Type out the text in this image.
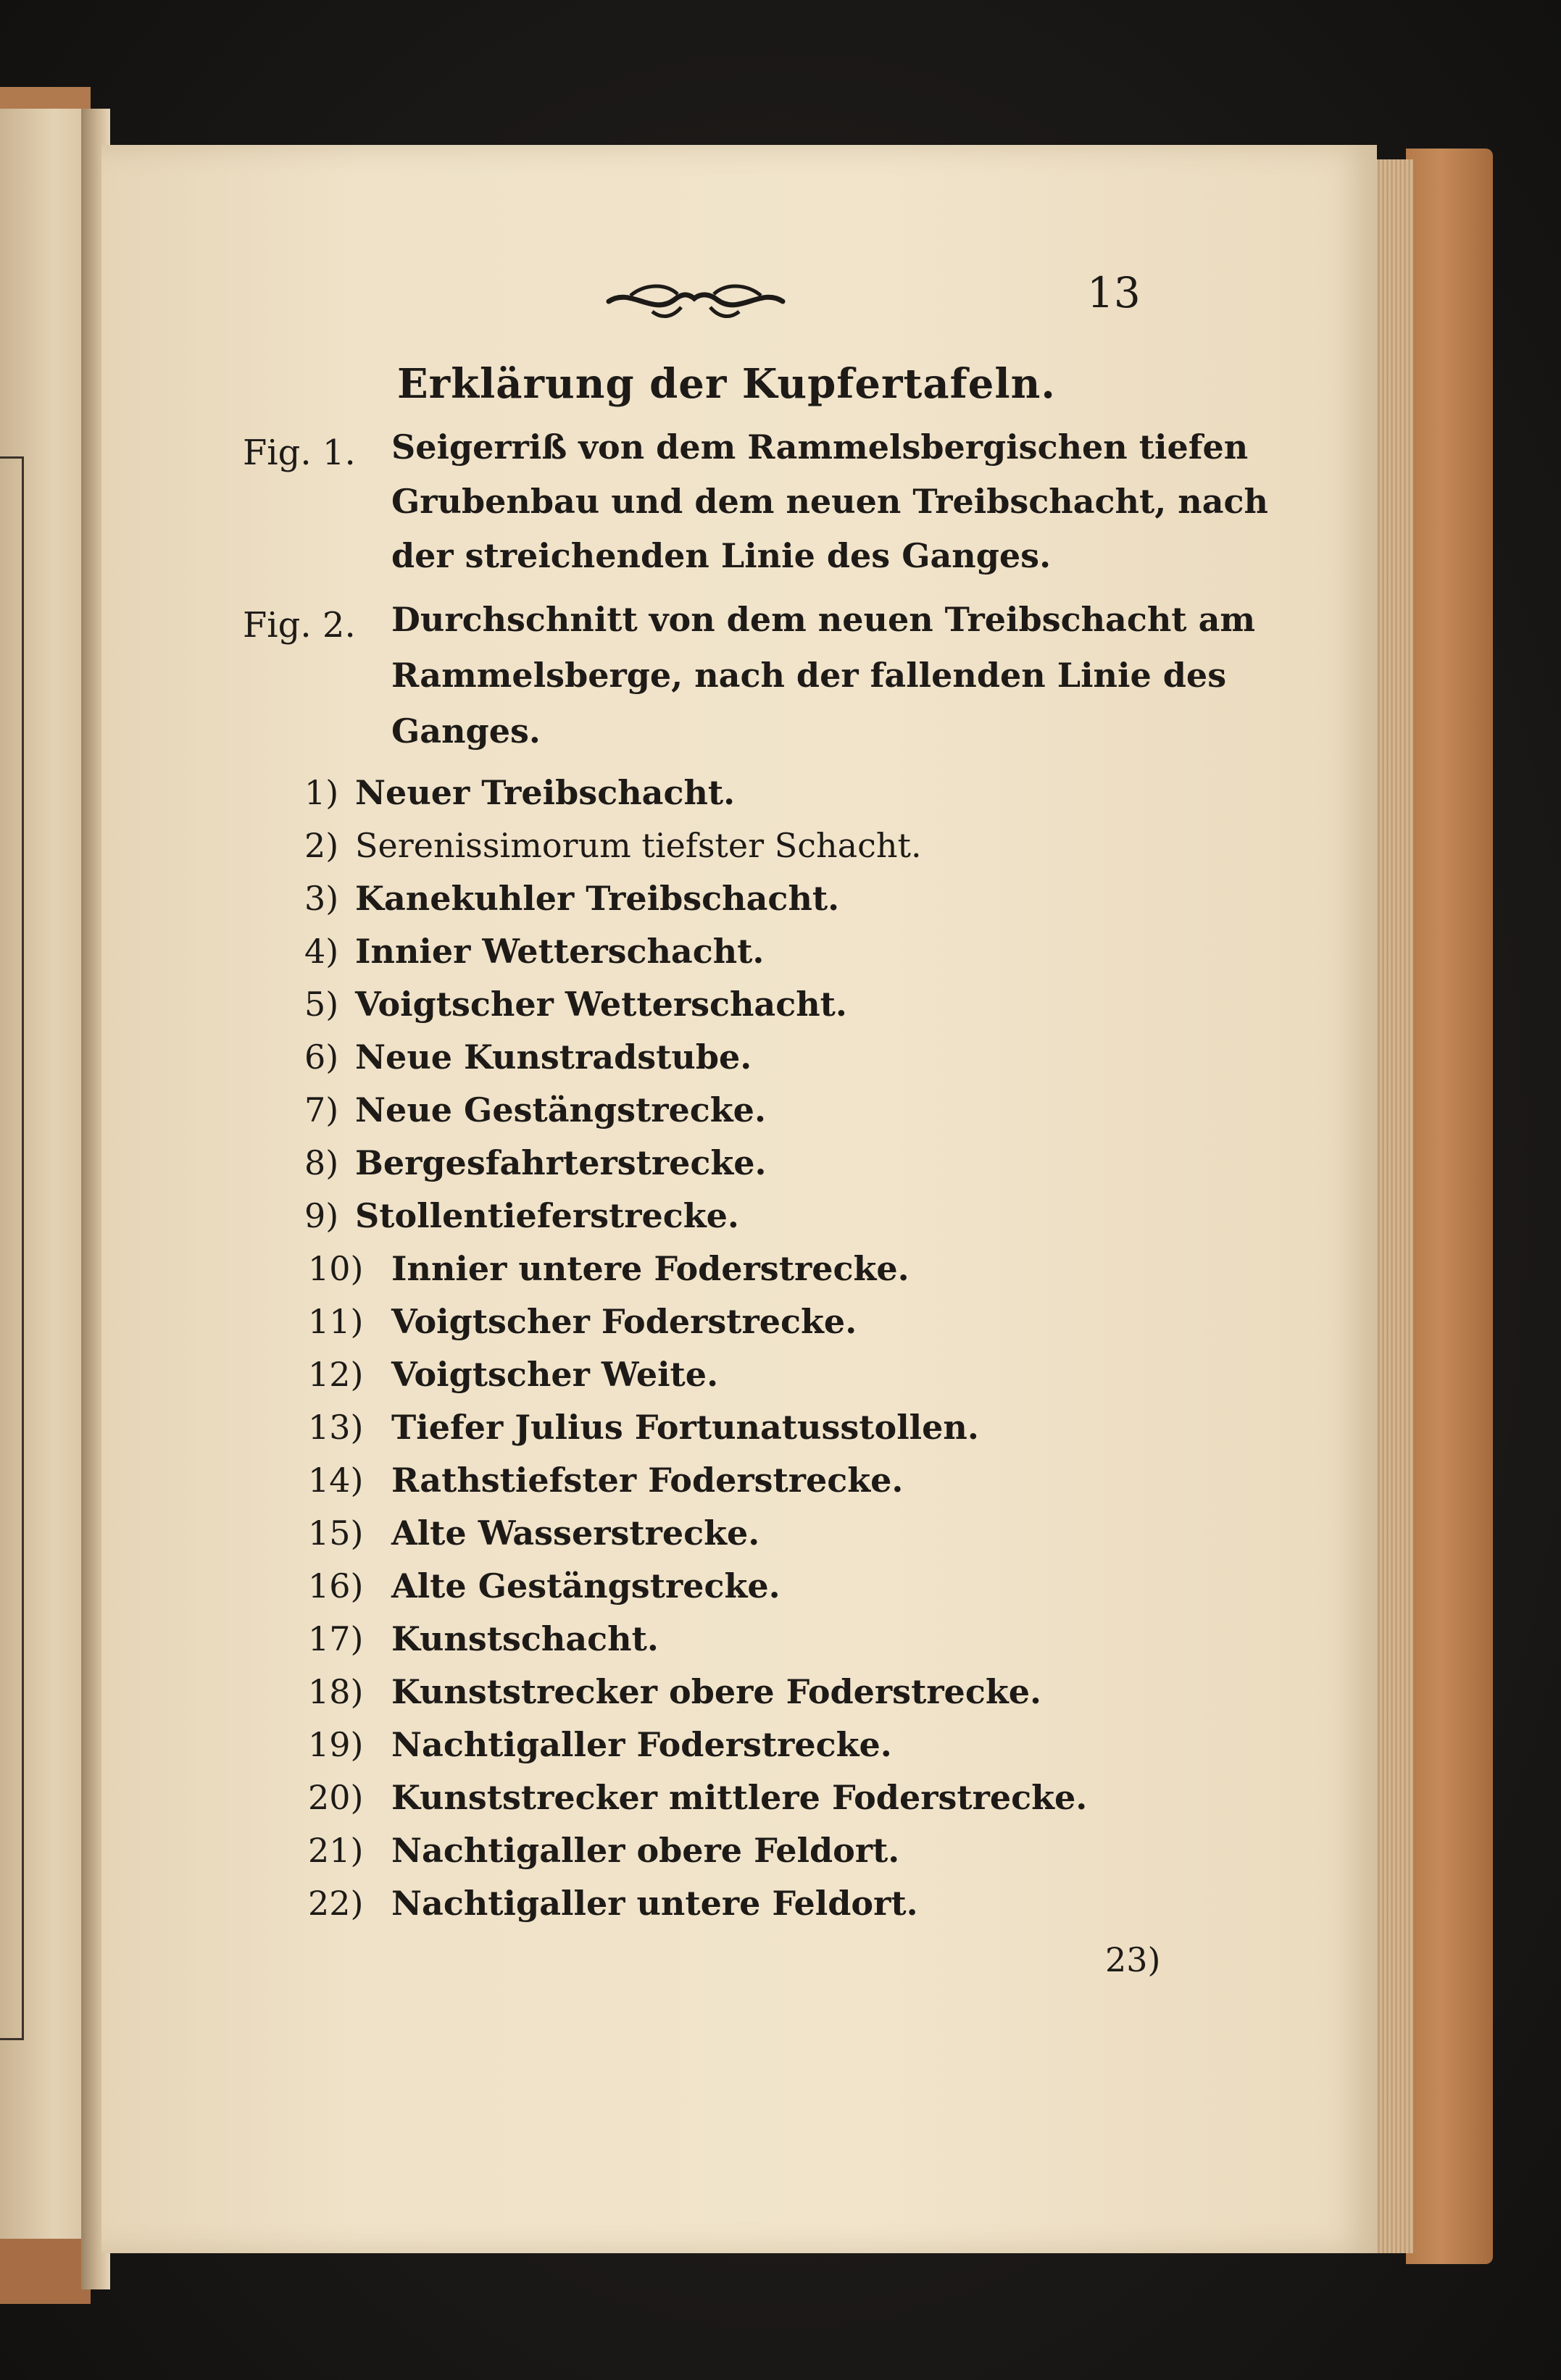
13
Erklärung der Kupfertafeln.
Fig. 1. Seigerriß von dem Rammelsbergischen tiefen
Grubenbau und dem neuen Treibschacht, nach
der streichenden Linie des Ganges.
Fig. 2. Durchschnitt von dem neuen Treibschacht am
Rammelsberge, nach der fallenden Linie des
Ganges.
1) Neuer Treibschacht.
2) Serenissimorum tiefster Schacht.
3) Kanekuhler Treibschacht.
4) Innier Wetterschacht.
5) Voigtscher Wetterschacht.
6) Neue Kunstradstube.
7) Neue Gestängstrecke.
8) Bergesfahrterstrecke.
9) Stollentieferstrecke.
10) Innier untere Foderstrecke.
11) Voigtscher Foderstrecke.
12) Voigtscher Weite.
13) Tiefer Julius Fortunatusstollen.
14) Rathstiefster Foderstrecke.
15) Alte Wasserstrecke.
16) Alte Gestängstrecke.
17) Kunstschacht.
18) Kunststrecker obere Foderstrecke.
19) Nachtigaller Foderstrecke.
20) Kunststrecker mittlere Foderstrecke.
21) Nachtigaller obere Feldort.
22) Nachtigaller untere Feldort.
23)
